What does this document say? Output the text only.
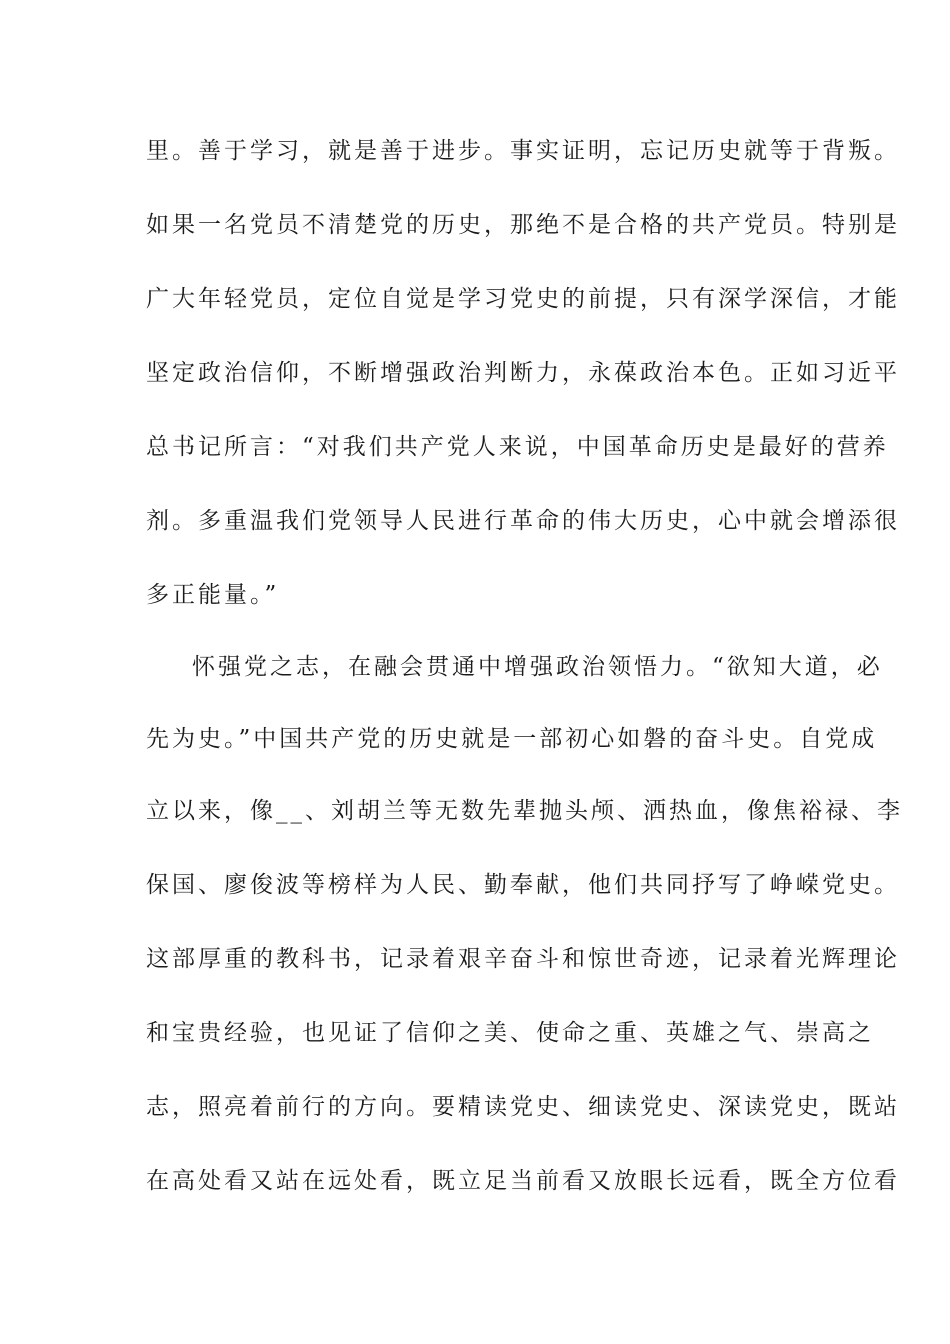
里。善于学习，就是善于进步。事实证明，忘记历史就等于背叛。
如果一名党员不清楚党的历史，那绝不是合格的共产党员。特别是
广大年轻党员，定位自觉是学习党史的前提，只有深学深信，才能
坚定政治信仰，不断增强政治判断力，永葆政治本色。正如习近平
总书记所言：“对我们共产党人来说，中国革命历史是最好的营养
剂。多重温我们党领导人民进行革命的伟大历史，心中就会增添很
多正能量。”
怀强党之志，在融会贯通中增强政治领悟力。“欲知大道，必
先为史。”中国共产党的历史就是一部初心如磐的奋斗史。自党成
立以来，像__、刘胡兰等无数先辈抛头颅、洒热血，像焦裕禄、李
保国、廖俊波等榜样为人民、勤奉献，他们共同抒写了峥嵘党史。
这部厚重的教科书，记录着艰辛奋斗和惊世奇迹，记录着光辉理论
和宝贵经验，也见证了信仰之美、使命之重、英雄之气、崇高之
志，照亮着前行的方向。要精读党史、细读党史、深读党史，既站
在高处看又站在远处看，既立足当前看又放眼长远看，既全方位看
